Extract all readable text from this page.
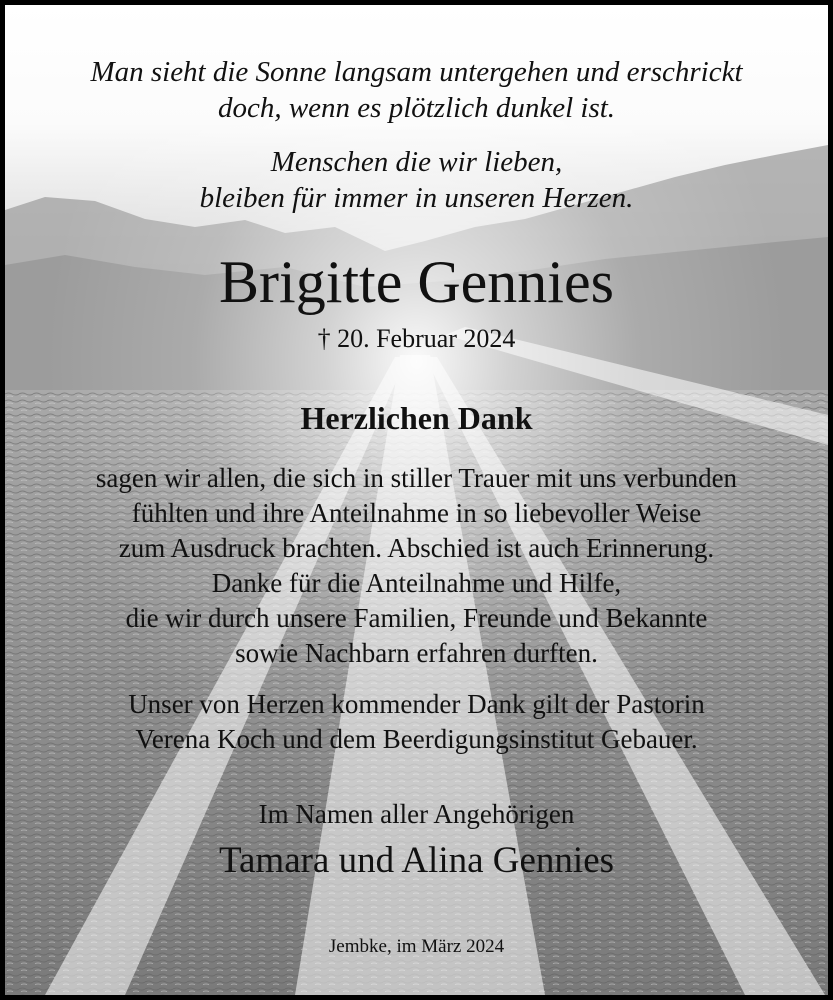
Man sieht die Sonne langsam untergehen und erschrickt
doch, wenn es plötzlich dunkel ist.
Menschen die wir lieben,
bleiben für immer in unseren Herzen.
Brigitte Gennies
† 20. Februar 2024
Herzlichen Dank
sagen wir allen, die sich in stiller Trauer mit uns verbunden
fühlten und ihre Anteilnahme in so liebevoller Weise
zum Ausdruck brachten. Abschied ist auch Erinnerung.
Danke für die Anteilnahme und Hilfe,
die wir durch unsere Familien, Freunde und Bekannte
sowie Nachbarn erfahren durften.
Unser von Herzen kommender Dank gilt der Pastorin
Verena Koch und dem Beerdigungsinstitut Gebauer.
Im Namen aller Angehörigen
Tamara und Alina Gennies
Jembke, im März 2024
